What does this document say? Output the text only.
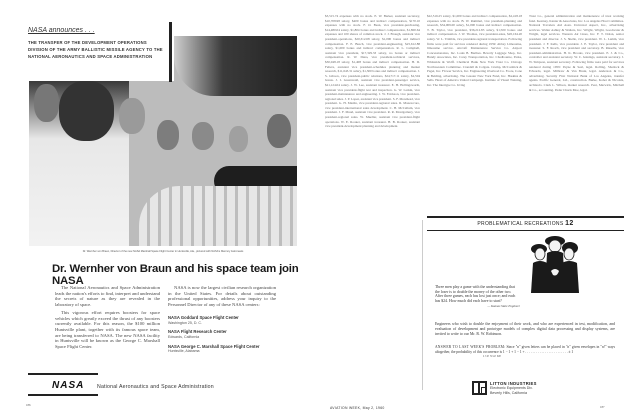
NASA announces . . .
THE TRANSFER OF THE DEVELOPMENT OPERATIONS DIVISION OF THE ARMY BALLISTIC MISSILE AGENCY TO THE NATIONAL AERONAUTICS AND SPACE ADMINISTRATION
Dr. Wernher von Braun, Director of the new NASA Marshall Space Flight Center in Huntsville, Ala., pictured with NASA's Mercury Astronauts
Dr. Wernher von Braun and his space team join NASA

The National Aeronautics and Space Administration leads the nation's efforts to find, interpret and understand the secrets of nature as they are revealed in the laboratory of space.

This vigorous effort requires boosters for space vehicles which greatly exceed the thrust of any boosters currently available. For this reason, the $100 million Huntsville plant, together with its famous space team, are being transferred to NASA. The new NASA facility in Huntsville will be known as the George C. Marshall Space Flight Center.

NASA is now the largest civilian research organization in the United States. For details about outstanding professional opportunities, address your inquiry to the Personnel Director of any of these NASA centers:

NASA Goddard Space Flight Center
Washington 25, D. C.
NASA Flight Research Center
Edwards, California
NASA George C. Marshall Space Flight Center
Huntsville, Alabama
NASA National Aeronautics and Space Administration
186
$3,515.74 expenses with no stock. E. W. Barker, assistant secretary, $10,708.98 salary, $400 bonus and indirect compensation, $170.10 expenses with no stock. F. O. Bean, vice president-purchasing, $14,480.04 salary, $1,804 bonus and indirect compensation, $1,800.64 expenses and 100 shares of common stock. J. J. Brough, assistant vice president-operations, $20,312.68 salary, $1,000 bonus and indirect compensation. F. E. Busch, vice president-engineering, $25,612.88 salary, $1,000 bonus and indirect compensation. R. L. Campbell, assistant vice president, $17,329.33 salary, no bonus or indirect compensation. R. W. Dana, vice president-technical services, $30,048.18 salary, $1,408 bonus and indirect compensation. H. D. Felters, assistant vice president-schedules planning and market research, $11,643.31 salary, $1,300 bonus and indirect compensation. J. S. Gibson, vice president-public relations, $24,717.11 salary, $2,504 bonus. J. I. Greenwald, assistant vice president-passenger service, $21,124.04 salary. J. W. Lee, assistant treasurer. E. H. Hollingsworth, assistant vice president-flight test and inspection. G. W. Larkin, vice president-maintenance and engineering. J. W. Erickson, vice president-regional sales. J. P. Lopez, assistant vice president. S. F. Morehead, vice president. G. H. Maslin, vice president-regional sales. R. Mazzaccaro, vice president-international sales development. C. H. McCallum, vice president. J. F. Maud, assistant vice president. R. R. Montgomery, vice president-regional sales. W. Mueller, assistant vice president-flight operations. W. E. Rooker, assistant treasurer. H. B. Rooker, assistant vice president-development planning and development.
$22,516.25 salary, $1,000 bonus and indirect compensation, $2,418.18 expenses with no stock. B. W. Rummel, vice president-planning and research, $34,009.00 salary, $1,000 bonus and indirect compensation. T. B. Taylor, vice president, $36,212.83 salary, $1,500 bonus and indirect compensation. J. W. Thomas, vice president-sales, $20,164.20 salary. W. L. Trimble, vice president-regional transportation. Following firms were paid for services rendered during 1959: Abbey Limousine, limousine service. Aircraft Maintenance Service Co. Airport Concessionaires, Inc. Louis B. Barthes. Beverly Luggage Shop, Inc. Bundy Associates, Inc. Carey Transportation, Inc. Chadbourne, Parke, Whiteside & Wolff. Chemical Bank New York Trust Co. Chicago Northwestern Committee. Crandall & Colgate. Crump, McCormick & Paget, Inc. Flower Service, Inc. Engineering Overload Co. Foote, Cone & Belding, advertising. The Greater New York Fund, Inc. Haskins & Sells. Heart of America United Campaign. Institute of Visual Training, Inc. The Intertype Co. Irving
Trust Co., general administration and maintenance of trust working fund. Kearney, Kanter & Associates, Inc. Los Angeles Host Committee. National Travelers Aid Assn. Universal Aspect, Inc., advertising services. Walter Ashley & Walters, Inc. Wright, Wright, Goodwater & Wright, legal services. Western Air Lines, Inc. F. T. Dolan, senior president and director. J. S. Shelle, vice president. W. L. Lamm, vice president. J. F. Kells, vice president. J. E. Taylor, vice president and treasurer. S. F. Roach, vice president and secretary. B. Rieselle, vice president-administration. H. K. Brooks, vice president. E. J. & Co., controller and assistant secretary. W. C. Jennings, assistant secretary. J. W. Simpson, assistant secretary. Following firms were paid for services rendered during 1959: Payne & Seal, legal. Rolling, Shatlock & Edwards, legal. Milbraw & Van Brunt, legal. Anderson & Co., advertising. Security First National Bank of Los Angeles, transfer agents. Pacific General, Ltd., construction. Burke, Kober & Nicolais, architects. Clark L. Wilson, market research. Peat, Marwick, Mitchell & Co., accounting. Peder Chuck Moe, legal.
PROBLEMATICAL RECREATIONS 12
Three men play a game with the understanding that the loser is to double the money of the other two. After three games, each has lost just once; and each has $24. How much did each have to start?
— Kansas State Engineer
Engineers who wish to double the enjoyment of their work, and who are experienced in test, modification, and evaluation of development and prototype models of complex digital data processing and display systems, are invited to write to our Mr. R. W. Robinson.
ANSWER TO LAST WEEK'S PROBLEM: Since "n" given letters can be placed in "n" given envelopes in "n!" ways altogether, the probability of this occurrence is 1 − 1 + 1 − 1 + . . . . . . . . . . . . . . . . . . . . . . . . ± 1
1! 2! 3! n! 63!
LITTON INDUSTRIES
Electronic Equipments Div.
Beverly Hills, California
AVIATION WEEK, May 2, 1960	187
